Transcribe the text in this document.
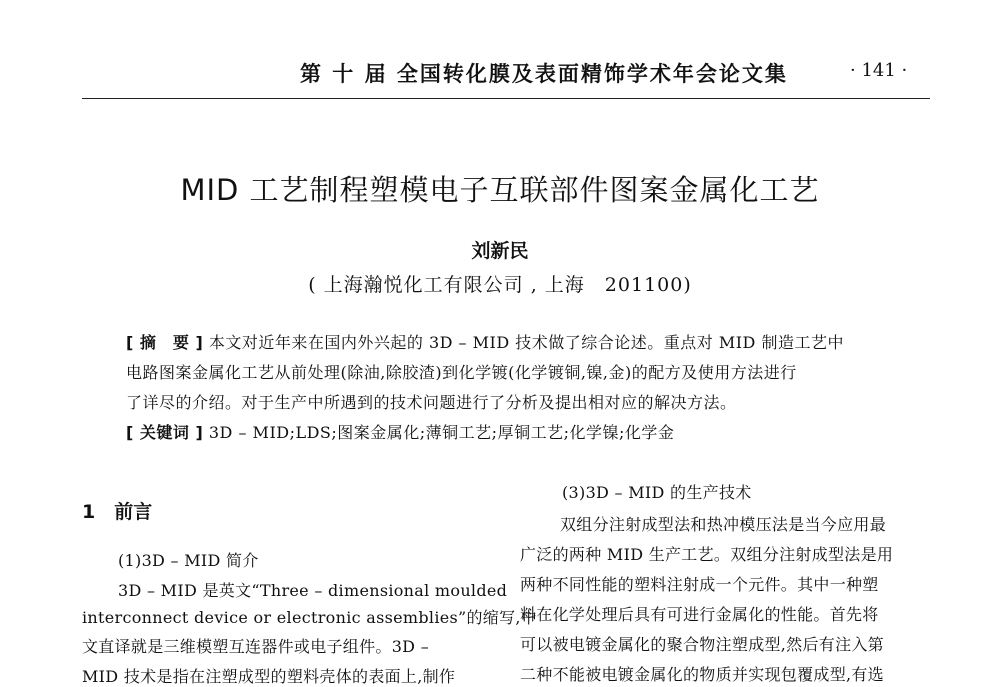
第 十 届 全国转化膜及表面精饰学术年会论文集	· 141 ·
MID 工艺制程塑模电子互联部件图案金属化工艺
刘新民
( 上海瀚悦化工有限公司 , 上海　201100)
[ 摘　要 ] 本文对近年来在国内外兴起的 3D – MID 技术做了综合论述。重点对 MID 制造工艺中
电路图案金属化工艺从前处理(除油,除胶渣)到化学镀(化学镀铜,镍,金)的配方及使用方法进行
了详尽的介绍。对于生产中所遇到的技术问题进行了分析及提出相对应的解决方法。
[ 关键词 ] 3D – MID;LDS;图案金属化;薄铜工艺;厚铜工艺;化学镍;化学金
1　前言
(1)3D – MID 简介
3D – MID 是英文“Three – dimensional moulded
interconnect device or electronic assemblies”的缩写,中
文直译就是三维模塑互连器件或电子组件。3D –
MID 技术是指在注塑成型的塑料壳体的表面上,制作
(3)3D – MID 的生产技术
双组分注射成型法和热冲模压法是当今应用最
广泛的两种 MID 生产工艺。双组分注射成型法是用
两种不同性能的塑料注射成一个元件。其中一种塑
料在化学处理后具有可进行金属化的性能。首先将
可以被电镀金属化的聚合物注塑成型,然后有注入第
二种不能被电镀金属化的物质并实现包覆成型,有选
